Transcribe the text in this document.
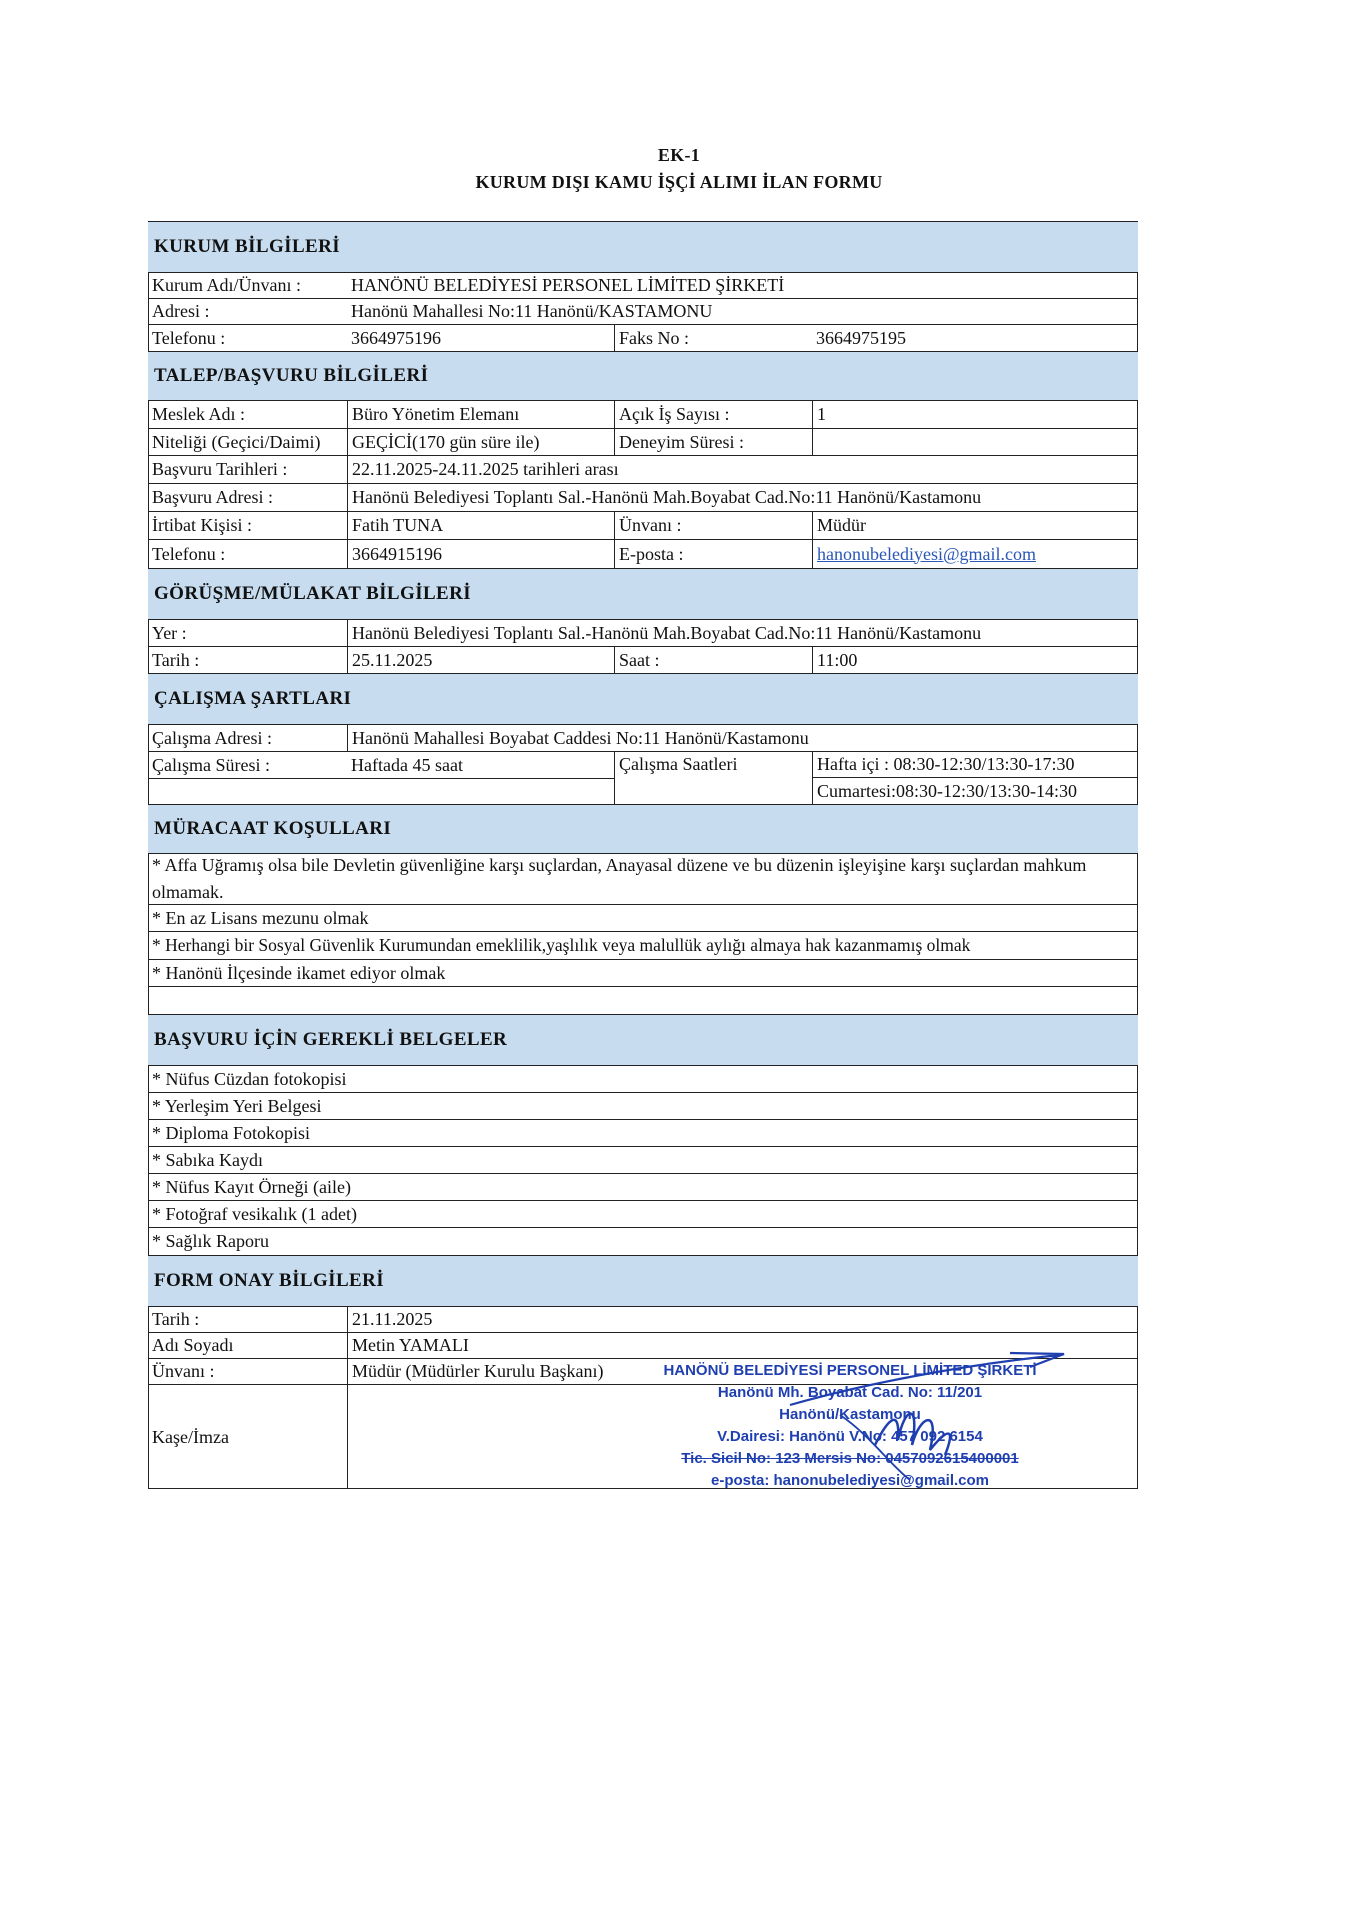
EK-1
KURUM DIŞI KAMU İŞÇİ ALIMI İLAN FORMU
KURUM BİLGİLERİ
Kurum Adı/Ünvanı :	HANÖNÜ BELEDİYESİ PERSONEL LİMİTED ŞİRKETİ
Adresi :	Hanönü Mahallesi No:11 Hanönü/KASTAMONU
Telefonu :	3664975196	Faks No :	3664975195
TALEP/BAŞVURU BİLGİLERİ
Meslek Adı :	Büro Yönetim Elemanı	Açık İş Sayısı :	1
Niteliği (Geçici/Daimi)	GEÇİCİ(170 gün süre ile)	Deneyim Süresi :
Başvuru Tarihleri :	22.11.2025-24.11.2025 tarihleri arası
Başvuru Adresi :	Hanönü Belediyesi Toplantı Sal.-Hanönü Mah.Boyabat Cad.No:11 Hanönü/Kastamonu
İrtibat Kişisi :	Fatih TUNA	Ünvanı :	Müdür
Telefonu :	3664915196	E-posta :	hanonubelediyesi@gmail.com
GÖRÜŞME/MÜLAKAT BİLGİLERİ
Yer :	Hanönü Belediyesi Toplantı Sal.-Hanönü Mah.Boyabat Cad.No:11 Hanönü/Kastamonu
Tarih :	25.11.2025	Saat :	11:00
ÇALIŞMA ŞARTLARI
Çalışma Adresi :	Hanönü Mahallesi Boyabat Caddesi No:11 Hanönü/Kastamonu
Çalışma Süresi :	Haftada 45 saat	Çalışma Saatleri	Hafta içi : 08:30-12:30/13:30-17:30
Cumartesi:08:30-12:30/13:30-14:30
MÜRACAAT KOŞULLARI
* Affa Uğramış olsa bile Devletin güvenliğine karşı suçlardan, Anayasal düzene ve bu düzenin işleyişine karşı suçlardan mahkum olmamak.
* En az Lisans mezunu olmak
* Herhangi bir Sosyal Güvenlik Kurumundan emeklilik,yaşlılık veya malullük aylığı almaya hak kazanmamış olmak
* Hanönü İlçesinde ikamet ediyor olmak
BAŞVURU İÇİN GEREKLİ BELGELER
* Nüfus Cüzdan fotokopisi
* Yerleşim Yeri Belgesi
* Diploma Fotokopisi
* Sabıka Kaydı
* Nüfus Kayıt Örneği (aile)
* Fotoğraf vesikalık (1 adet)
* Sağlık Raporu
FORM ONAY BİLGİLERİ
Tarih :	21.11.2025
Adı Soyadı	Metin YAMALI
Ünvanı :	Müdür (Müdürler Kurulu Başkanı)
Kaşe/İmza
HANÖNÜ BELEDİYESİ PERSONEL LİMİTED ŞİRKETİ
Hanönü Mh. Boyabat Cad. No: 11/201
Hanönü/Kastamonu
V.Dairesi: Hanönü V.No: 457 092 6154
Tic. Sicil No: 123 Mersis No: 0457092615400001
e-posta: hanonubelediyesi@gmail.com
